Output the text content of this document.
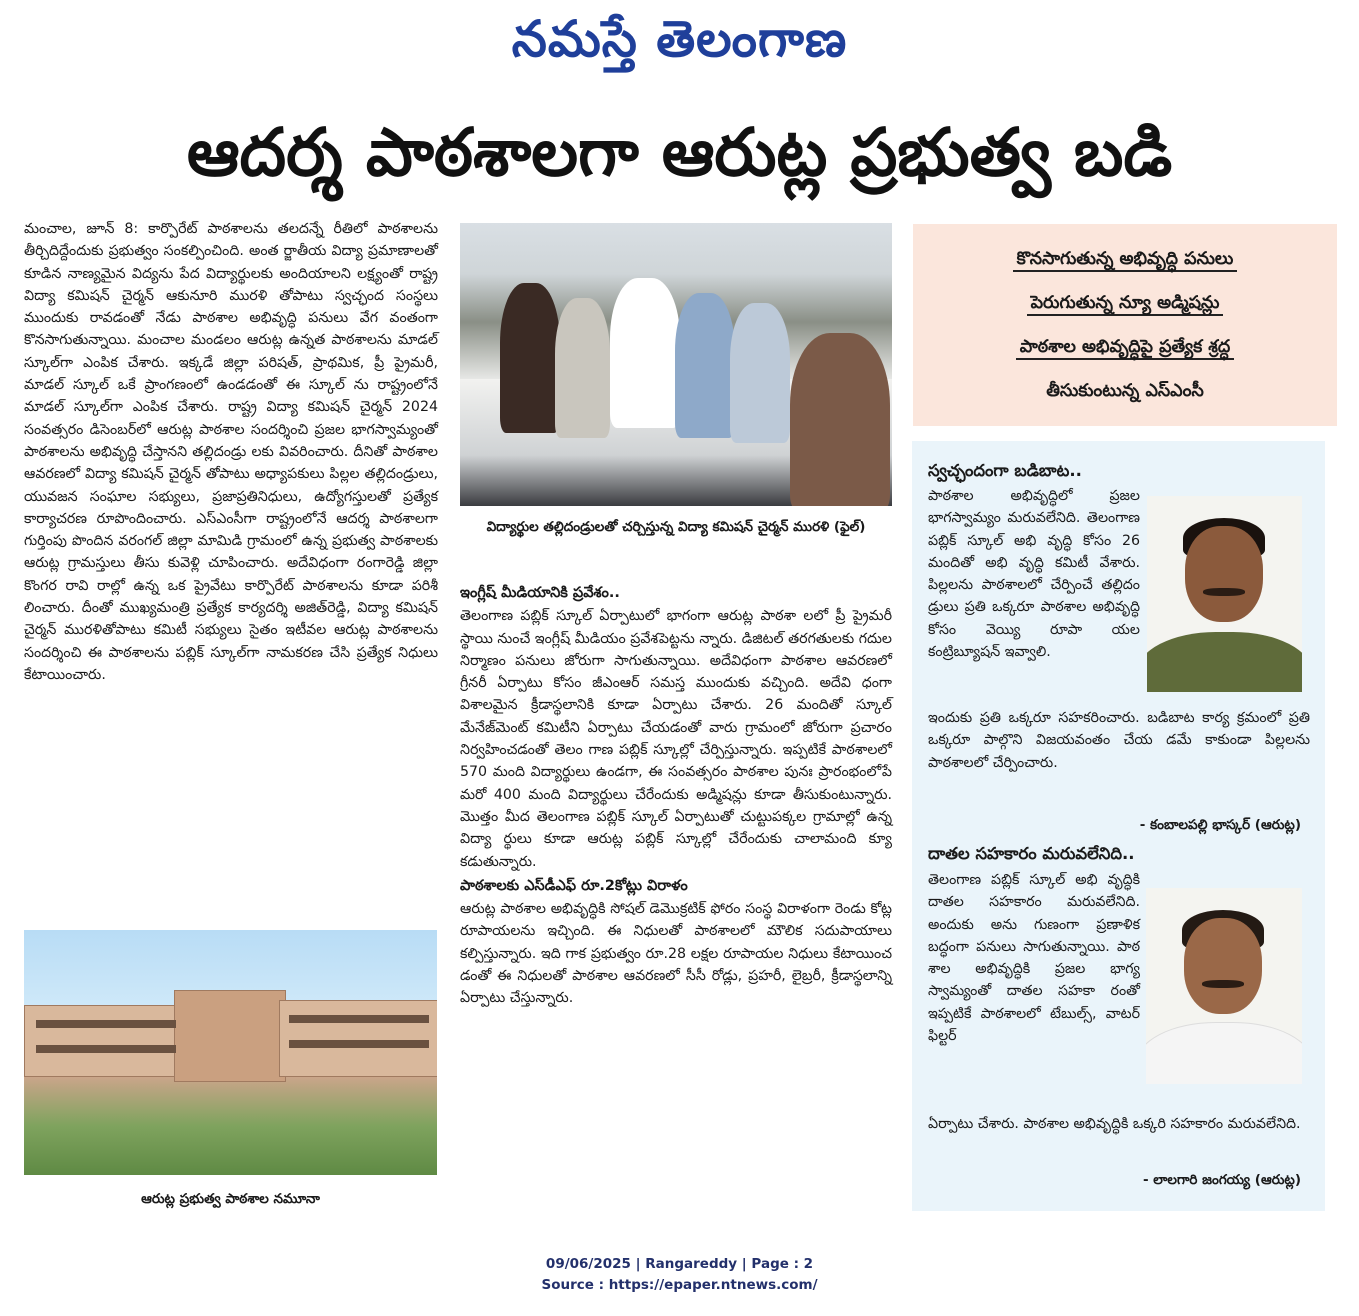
నమస్తే తెలంగాణ
ఆదర్శ పాఠశాలగా ఆరుట్ల ప్రభుత్వ బడి

మంచాల, జూన్ 8: కార్పొరేట్ పాఠశాలను తలదన్నే రీతిలో పాఠశాలను తీర్చిదిద్దేందుకు ప్రభుత్వం సంకల్పించింది. అంత ర్జాతీయ విద్యా ప్రమాణాలతో కూడిన నాణ్యమైన విద్యను పేద విద్యార్థులకు అందియాలని లక్ష్యంతో రాష్ట్ర విద్యా కమిషన్ చైర్మన్ ఆకునూరి మురళి తోపాటు స్వచ్ఛంద సంస్థలు ముందుకు రావడంతో నేడు పాఠశాల అభివృద్ధి పనులు వేగ వంతంగా కొనసాగుతున్నాయి. మంచాల మండలం ఆరుట్ల ఉన్నత పాఠశాలను మాడల్ స్కూల్‌గా ఎంపిక చేశారు. ఇక్కడే జిల్లా పరిషత్, ప్రాథమిక, ప్రీ ప్రైమరీ, మాడల్ స్కూల్ ఒకే ప్రాంగణంలో ఉండడంతో ఈ స్కూల్ ను రాష్ట్రంలోనే మాడల్ స్కూల్‌గా ఎంపిక చేశారు. రాష్ట్ర విద్యా కమిషన్ చైర్మన్ 2024 సంవత్సరం డిసెంబర్‌లో ఆరుట్ల పాఠశాల సందర్శించి ప్రజల భాగస్వామ్యంతో పాఠశాలను అభివృద్ధి చేస్తానని తల్లిదండ్రు లకు వివరించారు. దీనితో పాఠశాల ఆవరణలో విద్యా కమిషన్ చైర్మన్ తోపాటు అధ్యాపకులు పిల్లల తల్లిదండ్రులు, యువజన సంఘాల సభ్యులు, ప్రజాప్రతినిధులు, ఉద్యోగస్తులతో ప్రత్యేక కార్యాచరణ రూపొందించారు. ఎస్ఎంసీగా రాష్ట్రంలోనే ఆదర్శ పాఠశాలగా గుర్తింపు పొందిన వరంగల్ జిల్లా మామిడి గ్రామంలో ఉన్న ప్రభుత్వ పాఠశాలకు ఆరుట్ల గ్రామస్తులు తీసు కువెళ్లి చూపించారు. అదేవిధంగా రంగారెడ్డి జిల్లా కొంగర రావి రాల్లో ఉన్న ఒక ప్రైవేటు కార్పొరేట్ పాఠశాలను కూడా పరిశీ లించారు. దీంతో ముఖ్యమంత్రి ప్రత్యేక కార్యదర్శి అజిత్‌రెడ్డి, విద్యా కమిషన్ చైర్మన్ మురళితోపాటు కమిటీ సభ్యులు సైతం ఇటీవల ఆరుట్ల పాఠశాలను సందర్శించి ఈ పాఠశాలను పబ్లిక్ స్కూల్‌గా నామకరణ చేసి ప్రత్యేక నిధులు కేటాయించారు.

విద్యార్థుల తల్లిదండ్రులతో చర్చిస్తున్న విద్యా కమిషన్ చైర్మన్ మురళి (ఫైల్)

ఇంగ్లీష్ మీడియానికి ప్రవేశం..

తెలంగాణ పబ్లిక్ స్కూల్ ఏర్పాటులో భాగంగా ఆరుట్ల పాఠశా లలో ప్రీ ప్రైమరీ స్థాయి నుంచే ఇంగ్లీష్ మీడియం ప్రవేశపెట్టను న్నారు. డిజిటల్ తరగతులకు గదుల నిర్మాణం పనులు జోరుగా సాగుతున్నాయి. అదేవిధంగా పాఠశాల ఆవరణలో గ్రీనరీ ఏర్పాటు కోసం జీఎంఆర్ సమస్త ముందుకు వచ్చింది. అదేవి ధంగా విశాలమైన క్రీడాస్థలానికి కూడా ఏర్పాటు చేశారు. 26 మందితో స్కూల్ మేనేజ్‌మెంట్ కమిటీని ఏర్పాటు చేయడంతో వారు గ్రామంలో జోరుగా ప్రచారం నిర్వహించడంతో తెలం గాణ పబ్లిక్ స్కూల్లో చేర్పిస్తున్నారు. ఇప్పటికే పాఠశాలలో 570 మంది విద్యార్థులు ఉండగా, ఈ సంవత్సరం పాఠశాల పునః ప్రారంభంలోపే మరో 400 మంది విద్యార్థులు చేరేందుకు అడ్మిషన్లు కూడా తీసుకుంటున్నారు. మొత్తం మీద తెలంగాణ పబ్లిక్ స్కూల్ ఏర్పాటుతో చుట్టుపక్కల గ్రామాల్లో ఉన్న విద్యా ర్థులు కూడా ఆరుట్ల పబ్లిక్ స్కూల్లో చేరేందుకు చాలామంది క్యూ కడుతున్నారు.

పాఠశాలకు ఎస్‌డీఎఫ్ రూ.2కోట్లు విరాళం

ఆరుట్ల పాఠశాల అభివృద్ధికి సోషల్ డెమొక్రటిక్ ఫోరం సంస్థ విరాళంగా రెండు కోట్ల రూపాయలను ఇచ్చింది. ఈ నిధులతో పాఠశాలలో మౌలిక సదుపాయాలు కల్పిస్తున్నారు. ఇది గాక ప్రభుత్వం రూ.28 లక్షల రూపాయల నిధులు కేటాయించ డంతో ఈ నిధులతో పాఠశాల ఆవరణలో సీసీ రోడ్లు, ప్రహరీ, లైబ్రరీ, క్రీడాస్థలాన్ని ఏర్పాటు చేస్తున్నారు.

ఆరుట్ల ప్రభుత్వ పాఠశాల నమూనా
కొనసాగుతున్న అభివృద్ధి పనులు
పెరుగుతున్న న్యూ అడ్మిషన్లు
పాఠశాల అభివృద్ధిపై ప్రత్యేక శ్రద్ధ
తీసుకుంటున్న ఎస్ఎంసీ
స్వచ్ఛందంగా బడిబాట..
పాఠశాల అభివృద్ధిలో ప్రజల భాగస్వామ్యం మరువలేనిది. తెలంగాణ పబ్లిక్ స్కూల్ అభి వృద్ధి కోసం 26 మందితో అభి వృద్ధి కమిటీ వేశారు. పిల్లలను పాఠశాలలో చేర్పించే తల్లిదం డ్రులు ప్రతి ఒక్కరూ పాఠశాల అభివృద్ధి కోసం వెయ్యి రూపా యల కంట్రిబ్యూషన్ ఇవ్వాలి.
ఇందుకు ప్రతి ఒక్కరూ సహకరించారు. బడిబాట కార్య క్రమంలో ప్రతి ఒక్కరూ పాల్గొని విజయవంతం చేయ డమే కాకుండా పిల్లలను పాఠశాలలో చేర్పించారు.
- కంబాలపల్లి భాస్కర్ (ఆరుట్ల)
దాతల సహకారం మరువలేనిది..
తెలంగాణ పబ్లిక్ స్కూల్ అభి వృద్ధికి దాతల సహకారం మరువలేనిది. అందుకు అను గుణంగా ప్రణాళిక బద్ధంగా పనులు సాగుతున్నాయి. పాఠ శాల అభివృద్ధికి ప్రజల భాగ్య స్వామ్యంతో దాతల సహకా రంతో ఇప్పటికే పాఠశాలలో టేబుల్స్, వాటర్ ఫిల్టర్
ఏర్పాటు చేశారు. పాఠశాల అభివృద్ధికి ఒక్కరి సహకారం మరువలేనిది.
- లాలగారి జంగయ్య (ఆరుట్ల)
09/06/2025 | Rangareddy | Page : 2
Source : https://epaper.ntnews.com/
